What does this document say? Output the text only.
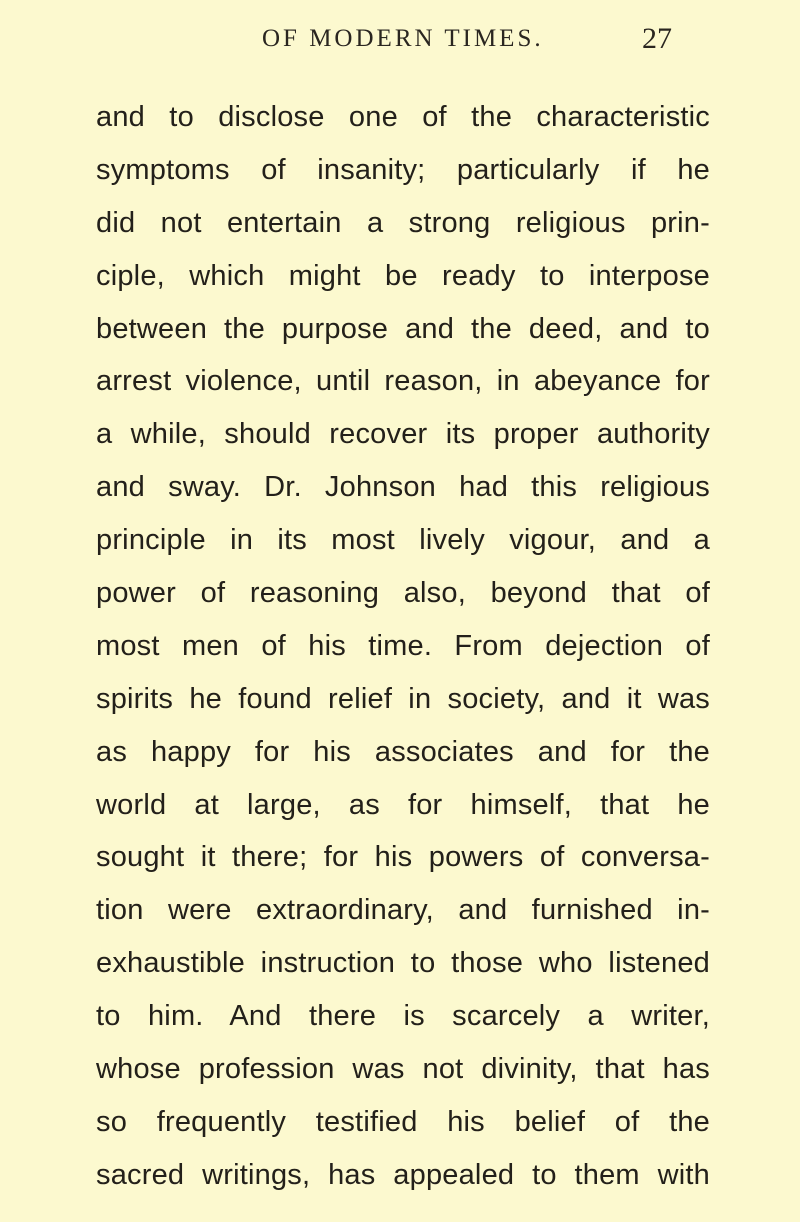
OF MODERN TIMES.	27
and to disclose one of the characteristic
symptoms of insanity; particularly if he
did not entertain a strong religious prin-
ciple, which might be ready to interpose
between the purpose and the deed, and to
arrest violence, until reason, in abeyance for
a while, should recover its proper authority
and sway. Dr. Johnson had this religious
principle in its most lively vigour, and a
power of reasoning also, beyond that of
most men of his time. From dejection of
spirits he found relief in society, and it was
as happy for his associates and for the
world at large, as for himself, that he
sought it there; for his powers of conversa-
tion were extraordinary, and furnished in-
exhaustible instruction to those who listened
to him. And there is scarcely a writer,
whose profession was not divinity, that has
so frequently testified his belief of the
sacred writings, has appealed to them with
